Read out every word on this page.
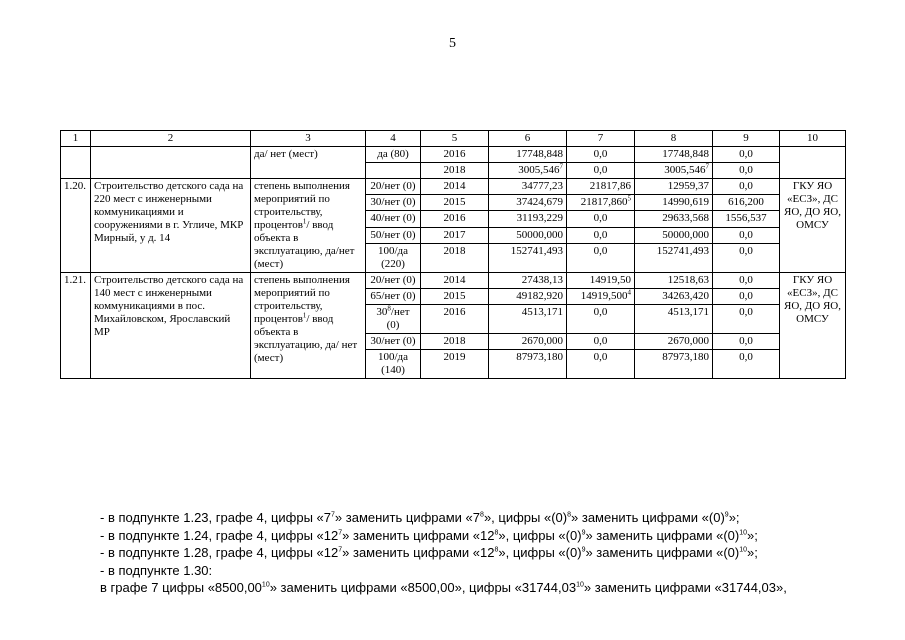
5
1	2	3	4	5	6	7	8	9	10
		да/ нет (мест)	да (80)	2016	17748,848	0,0	17748,848	0,0	
				2018	3005,546$^7$	0,0	3005,546$^7$	0,0	
1.20.	Строительство детского сада на 220 мест с инженерными коммуникациями и сооружениями в г. Угличе, МКР Мирный, у д. 14	степень выполнения мероприятий по строительству, процентов$^1$/ ввод объекта в эксплуатацию, да/нет (мест)	20/нет (0)	2014	34777,23	21817,86	12959,37	0,0	ГКУ ЯО «ЕСЗ», ДС ЯО, ДО ЯО, ОМСУ
			30/нет (0)	2015	37424,679	21817,860$^5$	14990,619	616,200	
			40/нет (0)	2016	31193,229	0,0	29633,568	1556,537	
			50/нет (0)	2017	50000,000	0,0	50000,000	0,0	
			100/да (220)	2018	152741,493	0,0	152741,493	0,0	
1.21.	Строительство детского сада на 140 мест с инженерными коммуникациями в пос. Михайловском, Ярославский МР	степень выполнения мероприятий по строительству, процентов$^1$/ ввод объекта в эксплуатацию, да/ нет (мест)	20/нет (0)	2014	27438,13	14919,50	12518,63	0,0	ГКУ ЯО «ЕСЗ», ДС ЯО, ДО ЯО, ОМСУ
			65/нет (0)	2015	49182,920	14919,500$^4$	34263,420	0,0	
			$30^8$/нет (0)	2016	4513,171	0,0	4513,171	0,0	
			30/нет (0)	2018	2670,000	0,0	2670,000	0,0	
			100/да (140)	2019	87973,180	0,0	87973,180	0,0	
- в подпункте 1.23, графе 4, цифры «$7^7$» заменить цифрами «$7^8$», цифры «$(0)^8$» заменить цифрами «$(0)^9$»;
- в подпункте 1.24, графе 4, цифры «$12^7$» заменить цифрами «$12^8$», цифры «$(0)^9$» заменить цифрами «$(0)^{10}$»;
- в подпункте 1.28, графе 4, цифры «$12^7$» заменить цифрами «$12^8$», цифры «$(0)^9$» заменить цифрами «$(0)^{10}$»;
- в подпункте 1.30:
в графе 7 цифры «8500,00$^{10}$» заменить цифрами «8500,00», цифры «31744,03$^{10}$» заменить цифрами «31744,03»,
